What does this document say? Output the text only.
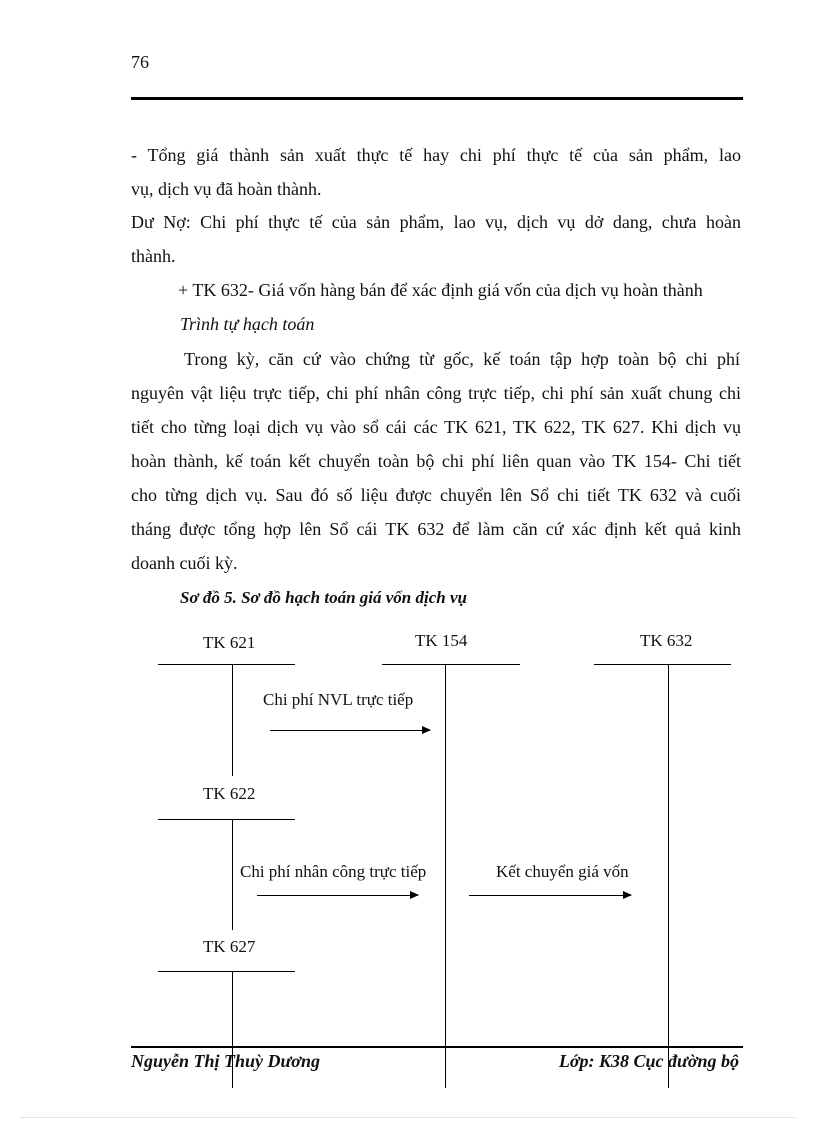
76

- Tổng giá thành sản xuất thực tế hay chi phí thực tế của sản phẩm, lao

vụ, dịch vụ đã hoàn thành.

Dư Nợ: Chi phí thực tế của sản phẩm, lao vụ, dịch vụ dở dang, chưa hoàn

thành.

+ TK 632- Giá vốn hàng bán để xác định giá vốn của dịch vụ hoàn thành

Trình tự hạch toán

Trong kỳ, căn cứ vào chứng từ gốc, kế toán tập hợp toàn bộ chi phí

nguyên vật liệu trực tiếp, chi phí nhân công trực tiếp, chi phí sản xuất chung chi

tiết cho từng loại dịch vụ vào sổ cái các TK 621, TK 622, TK 627. Khi dịch vụ

hoàn thành, kế toán kết chuyển toàn bộ chi phí liên quan vào TK 154- Chi tiết

cho từng dịch vụ. Sau đó số liệu được chuyển lên Sổ chi tiết TK 632 và cuối

tháng được tổng hợp lên Sổ cái TK 632 để làm căn cứ xác định kết quả kinh

doanh cuối kỳ.

Sơ đồ 5. Sơ đồ hạch toán giá vốn dịch vụ
TK 621	TK 154	TK 632
Chi phí NVL trực tiếp
TK 622
Chi phí nhân công trực tiếp	Kết chuyển giá vốn
TK 627
Nguyễn Thị Thuỳ Dương	Lớp: K38 Cục đường bộ
